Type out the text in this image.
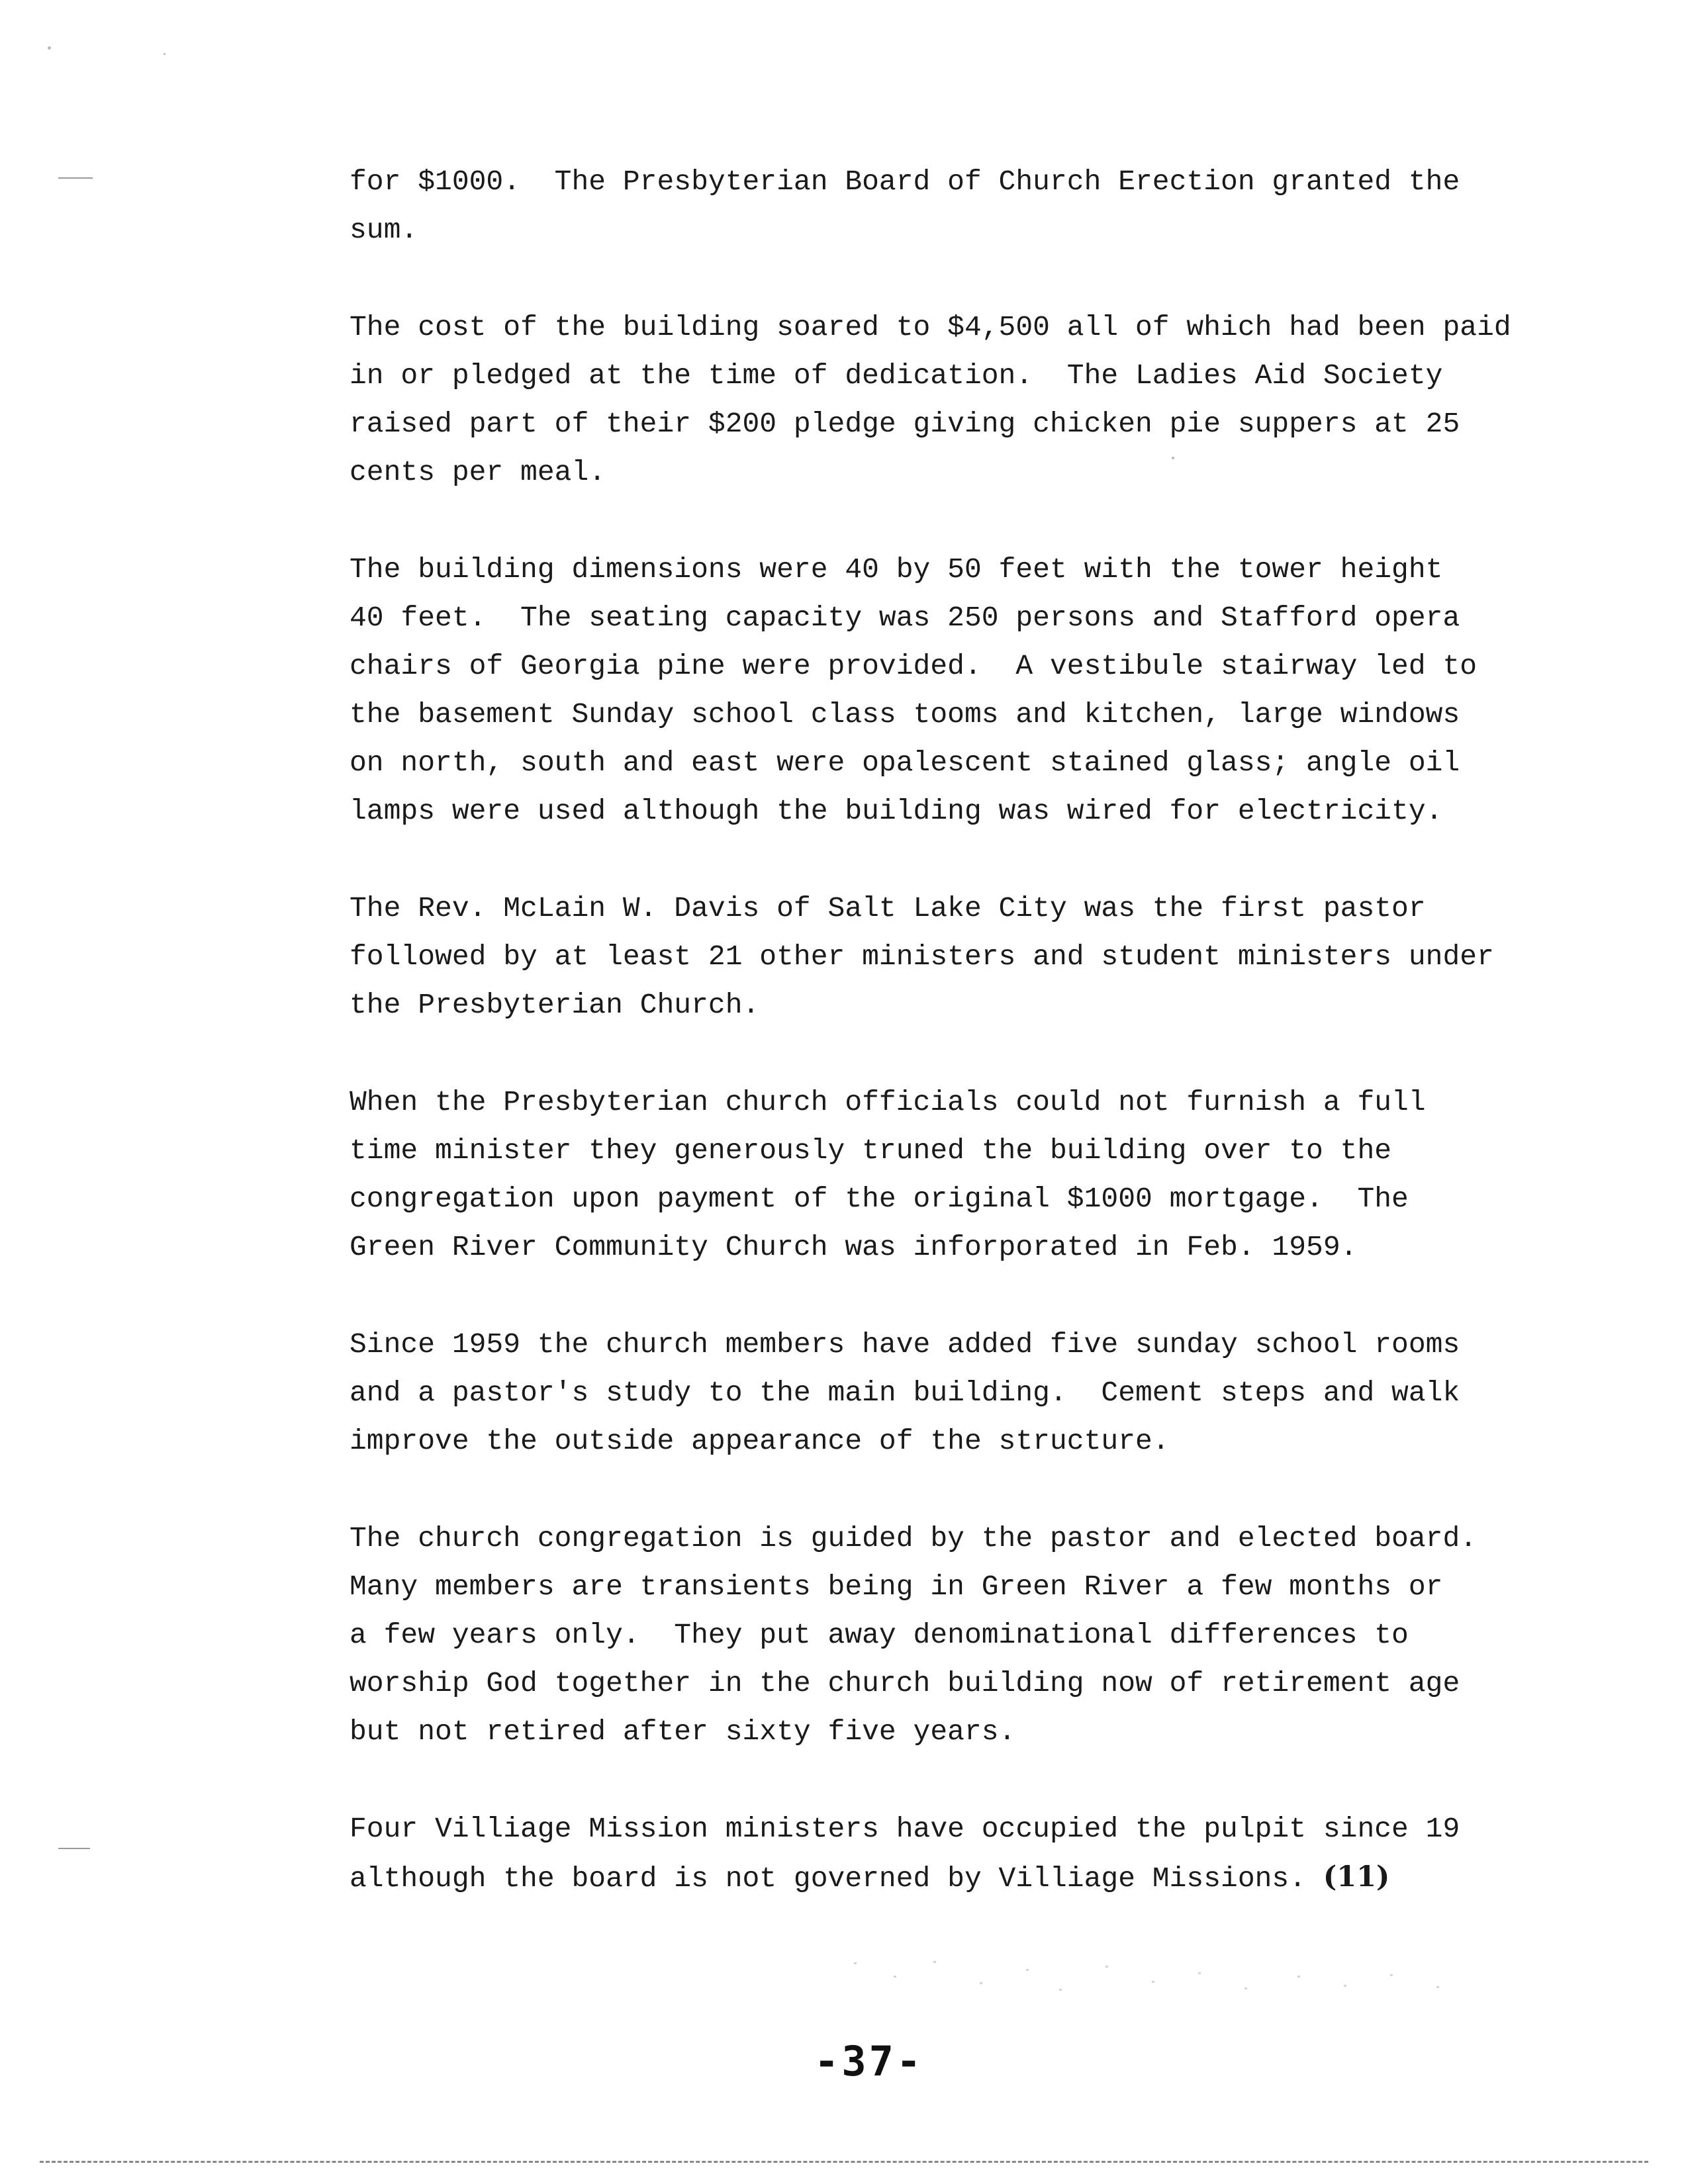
for $1000.  The Presbyterian Board of Church Erection granted the
sum.
The cost of the building soared to $4,500 all of which had been paid
in or pledged at the time of dedication.  The Ladies Aid Society
raised part of their $200 pledge giving chicken pie suppers at 25
cents per meal.
The building dimensions were 40 by 50 feet with the tower height
40 feet.  The seating capacity was 250 persons and Stafford opera
chairs of Georgia pine were provided.  A vestibule stairway led to
the basement Sunday school class tooms and kitchen, large windows
on north, south and east were opalescent stained glass; angle oil
lamps were used although the building was wired for electricity.
The Rev. McLain W. Davis of Salt Lake City was the first pastor
followed by at least 21 other ministers and student ministers under
the Presbyterian Church.
When the Presbyterian church officials could not furnish a full
time minister they generously truned the building over to the
congregation upon payment of the original $1000 mortgage.  The
Green River Community Church was inforporated in Feb. 1959.
Since 1959 the church members have added five sunday school rooms
and a pastor's study to the main building.  Cement steps and walk
improve the outside appearance of the structure.
The church congregation is guided by the pastor and elected board.
Many members are transients being in Green River a few months or
a few years only.  They put away denominational differences to
worship God together in the church building now of retirement age
but not retired after sixty five years.
Four Villiage Mission ministers have occupied the pulpit since 19
although the board is not governed by Villiage Missions. (11)
-37-
